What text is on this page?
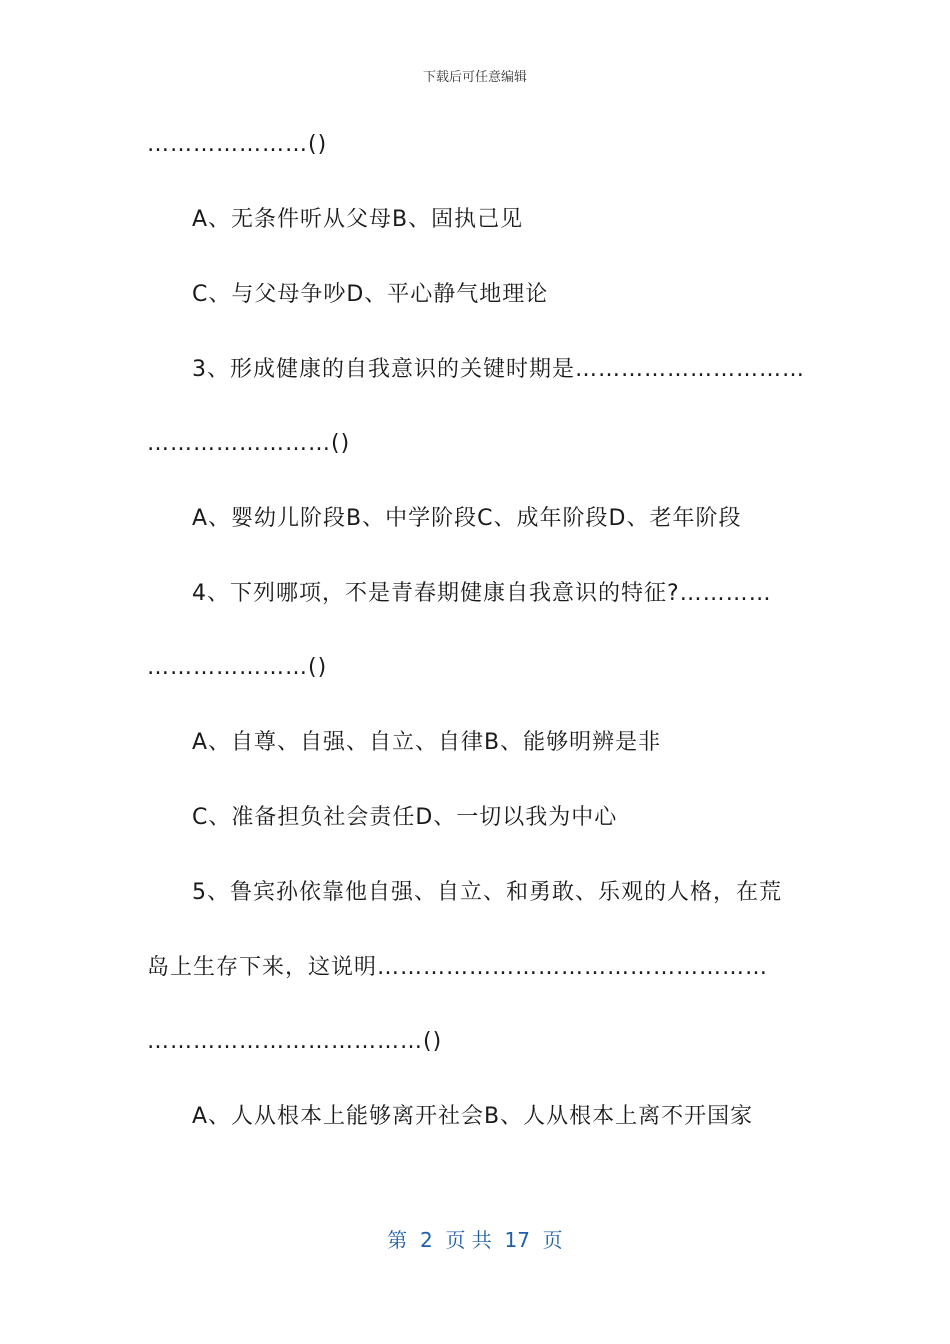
下载后可任意编辑
…………………()
A、无条件听从父母B、固执己见
C、与父母争吵D、平心静气地理论
3、形成健康的自我意识的关键时期是…………………………
……………………()
A、婴幼儿阶段B、中学阶段C、成年阶段D、老年阶段
4、下列哪项，不是青春期健康自我意识的特征?…………
…………………()
A、自尊、自强、自立、自律B、能够明辨是非
C、准备担负社会责任D、一切以我为中心
5、鲁宾孙依靠他自强、自立、和勇敢、乐观的人格，在荒
岛上生存下来，这说明……………………………………………
………………………………()
A、人从根本上能够离开社会B、人从根本上离不开国家
第  2  页 共  17  页
